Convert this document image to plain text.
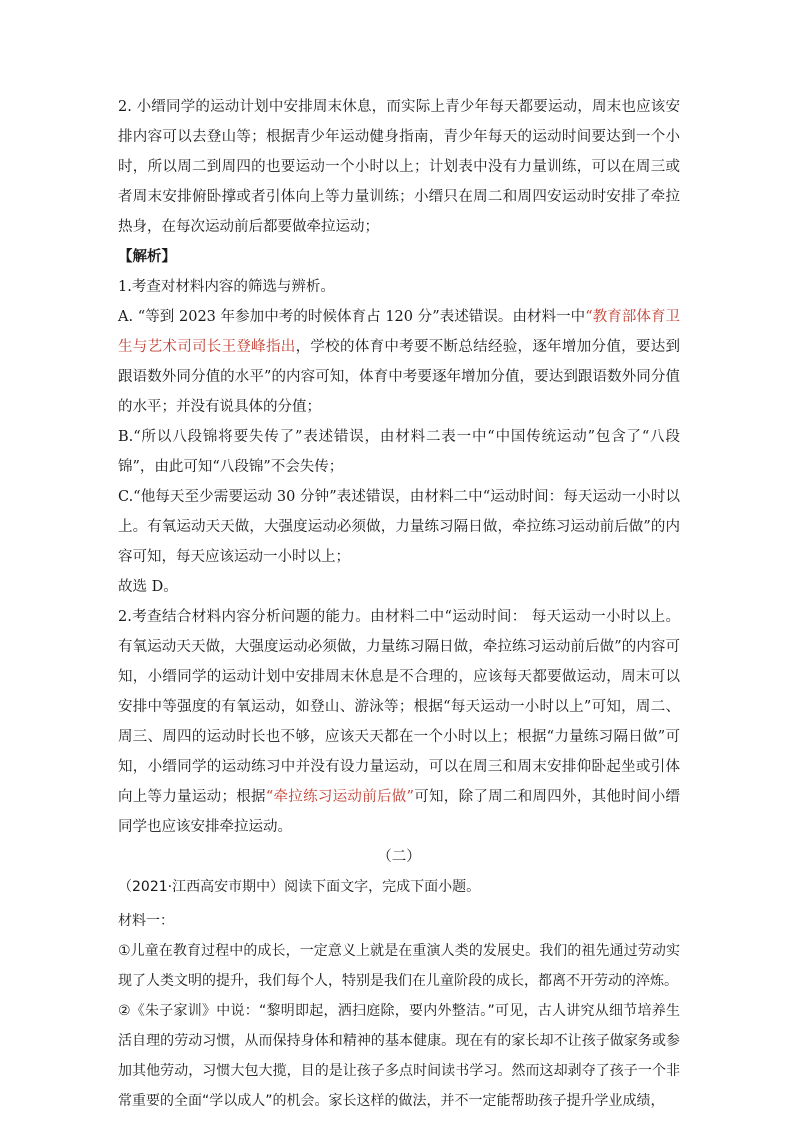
2. 小缙同学的运动计划中安排周末休息，而实际上青少年每天都要运动，周末也应该安排内容可以去登山等；根据青少年运动健身指南，青少年每天的运动时间要达到一个小时，所以周二到周四的也要运动一个小时以上；计划表中没有力量训练，可以在周三或者周末安排俯卧撑或者引体向上等力量训练；小缙只在周二和周四安运动时安排了牵拉热身，在每次运动前后都要做牵拉运动；

【解析】

1.考查对材料内容的筛选与辨析。

A. “等到 2023 年参加中考的时候体育占 120 分”表述错误。由材料一中“教育部体育卫生与艺术司司长王登峰指出，学校的体育中考要不断总结经验，逐年增加分值，要达到跟语数外同分值的水平”的内容可知，体育中考要逐年增加分值，要达到跟语数外同分值的水平；并没有说具体的分值；

B.“所以八段锦将要失传了”表述错误，由材料二表一中“中国传统运动”包含了“八段锦”，由此可知“八段锦”不会失传；

C.“他每天至少需要运动 30 分钟”表述错误，由材料二中“运动时间：每天运动一小时以上。有氧运动天天做，大强度运动必须做，力量练习隔日做，牵拉练习运动前后做”的内容可知，每天应该运动一小时以上；

故选 D。

2.考查结合材料内容分析问题的能力。由材料二中“运动时间： 每天运动一小时以上。有氧运动天天做，大强度运动必须做，力量练习隔日做，牵拉练习运动前后做”的内容可知，小缙同学的运动计划中安排周末休息是不合理的，应该每天都要做运动，周末可以安排中等强度的有氧运动，如登山、游泳等；根据“每天运动一小时以上”可知，周二、周三、周四的运动时长也不够，应该天天都在一个小时以上；根据“力量练习隔日做”可知，小缙同学的运动练习中并没有设力量运动，可以在周三和周末安排仰卧起坐或引体向上等力量运动；根据“牵拉练习运动前后做”可知，除了周二和周四外，其他时间小缙同学也应该安排牵拉运动。

（二）

（2021·江西高安市期中）阅读下面文字，完成下面小题。

材料一：

①儿童在教育过程中的成长，一定意义上就是在重演人类的发展史。我们的祖先通过劳动实现了人类文明的提升，我们每个人，特别是我们在儿童阶段的成长，都离不开劳动的淬炼。

②《朱子家训》中说：“黎明即起，洒扫庭除，要内外整洁。”可见，古人讲究从细节培养生活自理的劳动习惯，从而保持身体和精神的基本健康。现在有的家长却不让孩子做家务或参加其他劳动，习惯大包大揽，目的是让孩子多点时间读书学习。然而这却剥夺了孩子一个非常重要的全面“学以成人”的机会。家长这样的做法，并不一定能帮助孩子提升学业成绩，
